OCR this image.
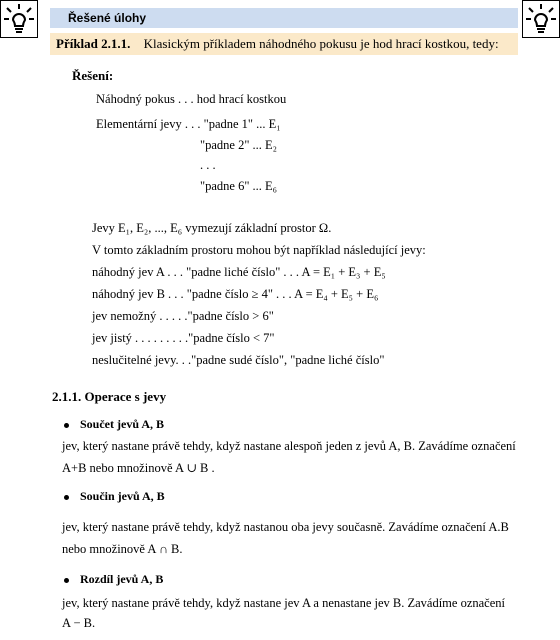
Řešené úlohy
Příklad 2.1.1. Klasickým příkladem náhodného pokusu je hod hrací kostkou, tedy:
Řešení:
Náhodný pokus . . . hod hrací kostkou
Elementární jevy . . . "padne 1" ... E₁
"padne 2" ... E₂
. . .
"padne 6" ... E₆
Jevy E₁, E₂, ..., E₆ vymezují základní prostor Ω.
V tomto základním prostoru mohou být například následující jevy:
náhodný jev A . . . "padne liché číslo" . . . A = E₁ + E₃ + E₅
náhodný jev B . . . "padne číslo ≥ 4" . . . A = E₄ + E₅ + E₆
jev nemožný . . . . ."padne číslo > 6"
jev jistý . . . . . . . . ."padne číslo < 7"
neslučitelné jevy. . ."padne sudé číslo", "padne liché číslo"
2.1.1. Operace s jevy
Součet jevů A, B
jev, který nastane právě tehdy, když nastane alespoň jeden z jevů A, B. Zavádíme označení
A+B nebo množinově A ∪ B .
Součin jevů A, B
jev, který nastane právě tehdy, když nastanou oba jevy současně. Zavádíme označení A.B
nebo množinově A ∩ B.
Rozdíl jevů A, B
jev, který nastane právě tehdy, když nastane jev A a nenastane jev B. Zavádíme označení
A − B.
